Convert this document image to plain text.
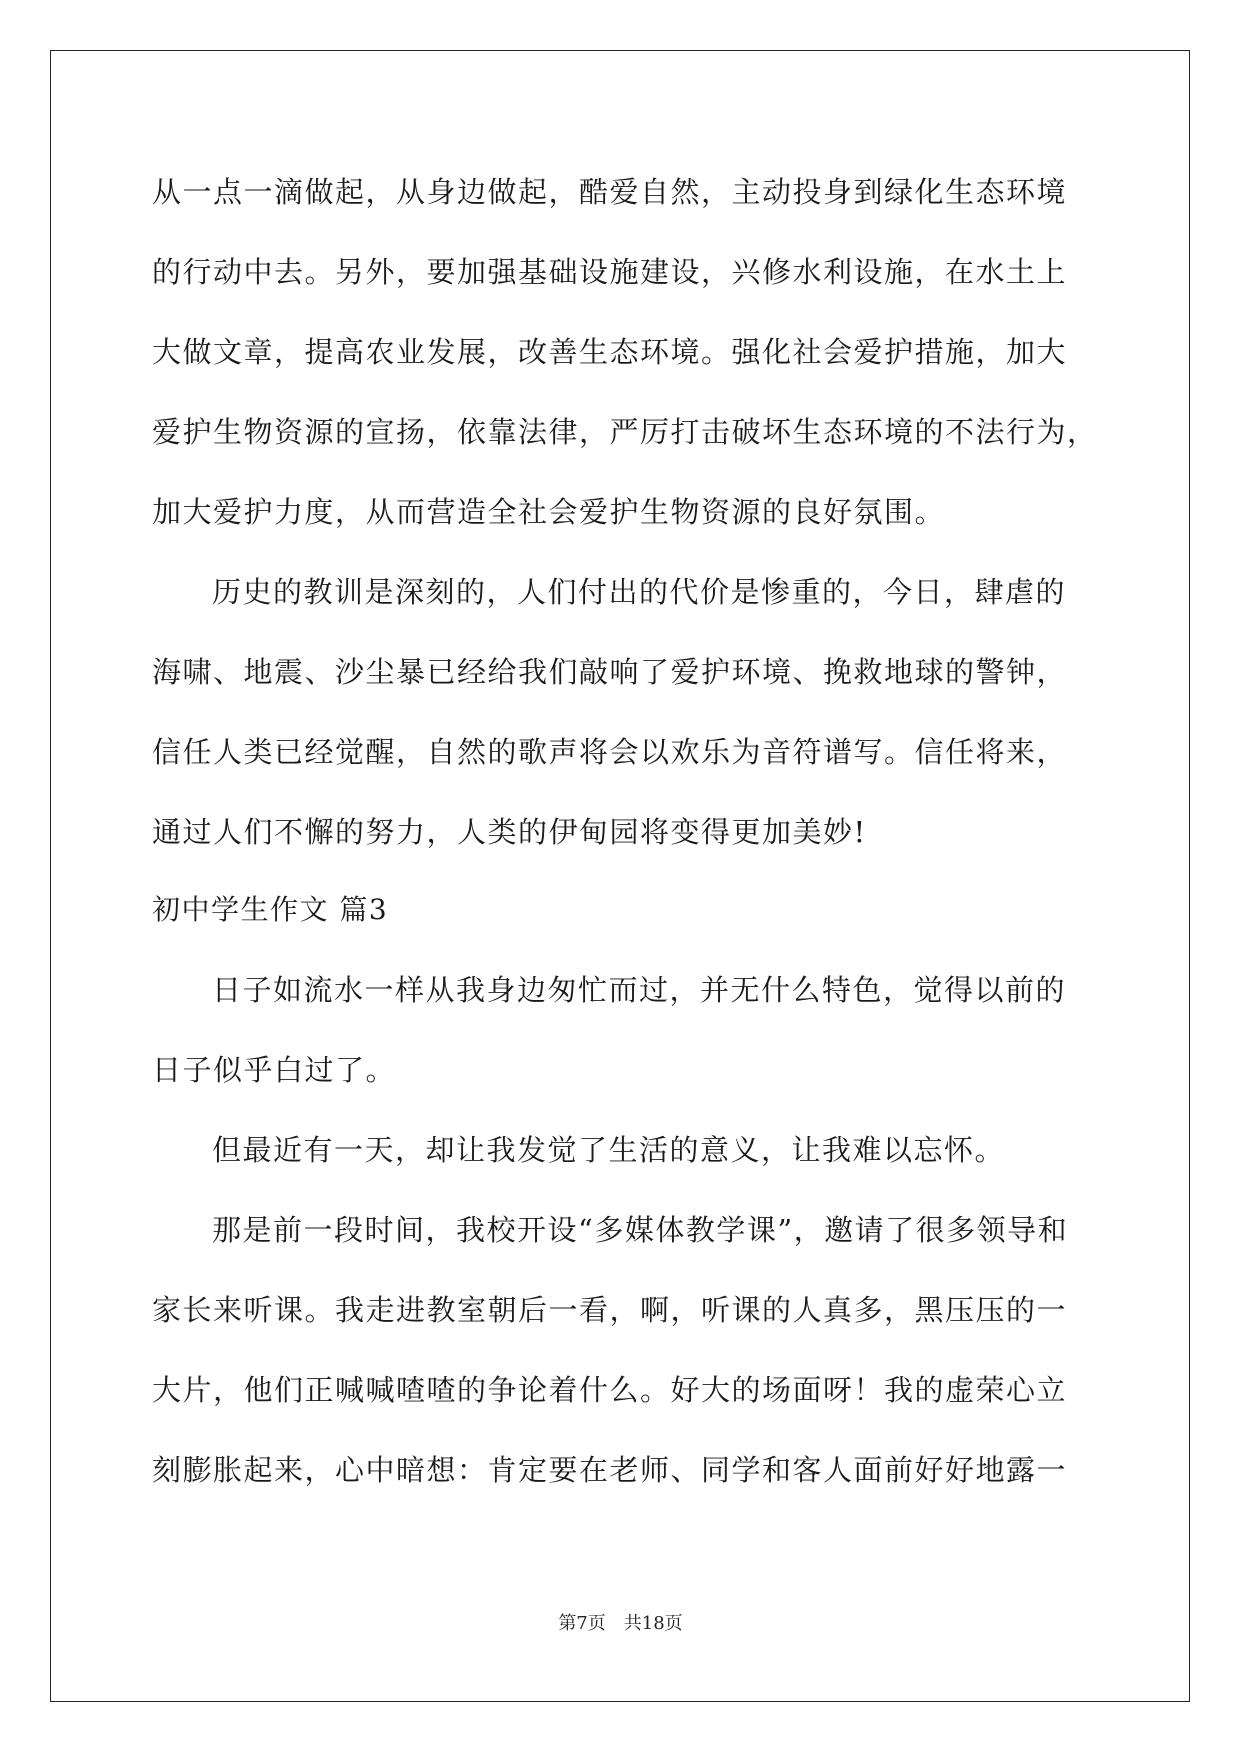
从一点一滴做起，从身边做起，酷爱自然，主动投身到绿化生态环境
的行动中去。另外，要加强基础设施建设，兴修水利设施，在水土上
大做文章，提高农业发展，改善生态环境。强化社会爱护措施，加大
爱护生物资源的宣扬，依靠法律，严厉打击破坏生态环境的不法行为，
加大爱护力度，从而营造全社会爱护生物资源的良好氛围。
历史的教训是深刻的，人们付出的代价是惨重的，今日，肆虐的
海啸、地震、沙尘暴已经给我们敲响了爱护环境、挽救地球的警钟，
信任人类已经觉醒，自然的歌声将会以欢乐为音符谱写。信任将来，
通过人们不懈的努力，人类的伊甸园将变得更加美妙!
初中学生作文 篇3
日子如流水一样从我身边匆忙而过，并无什么特色，觉得以前的
日子似乎白过了。
但最近有一天，却让我发觉了生活的意义，让我难以忘怀。
那是前一段时间，我校开设“多媒体教学课”，邀请了很多领导和
家长来听课。我走进教室朝后一看，啊，听课的人真多，黑压压的一
大片，他们正喊喊喳喳的争论着什么。好大的场面呀！我的虚荣心立
刻膨胀起来，心中暗想：肯定要在老师、同学和客人面前好好地露一
第7页　共18页
